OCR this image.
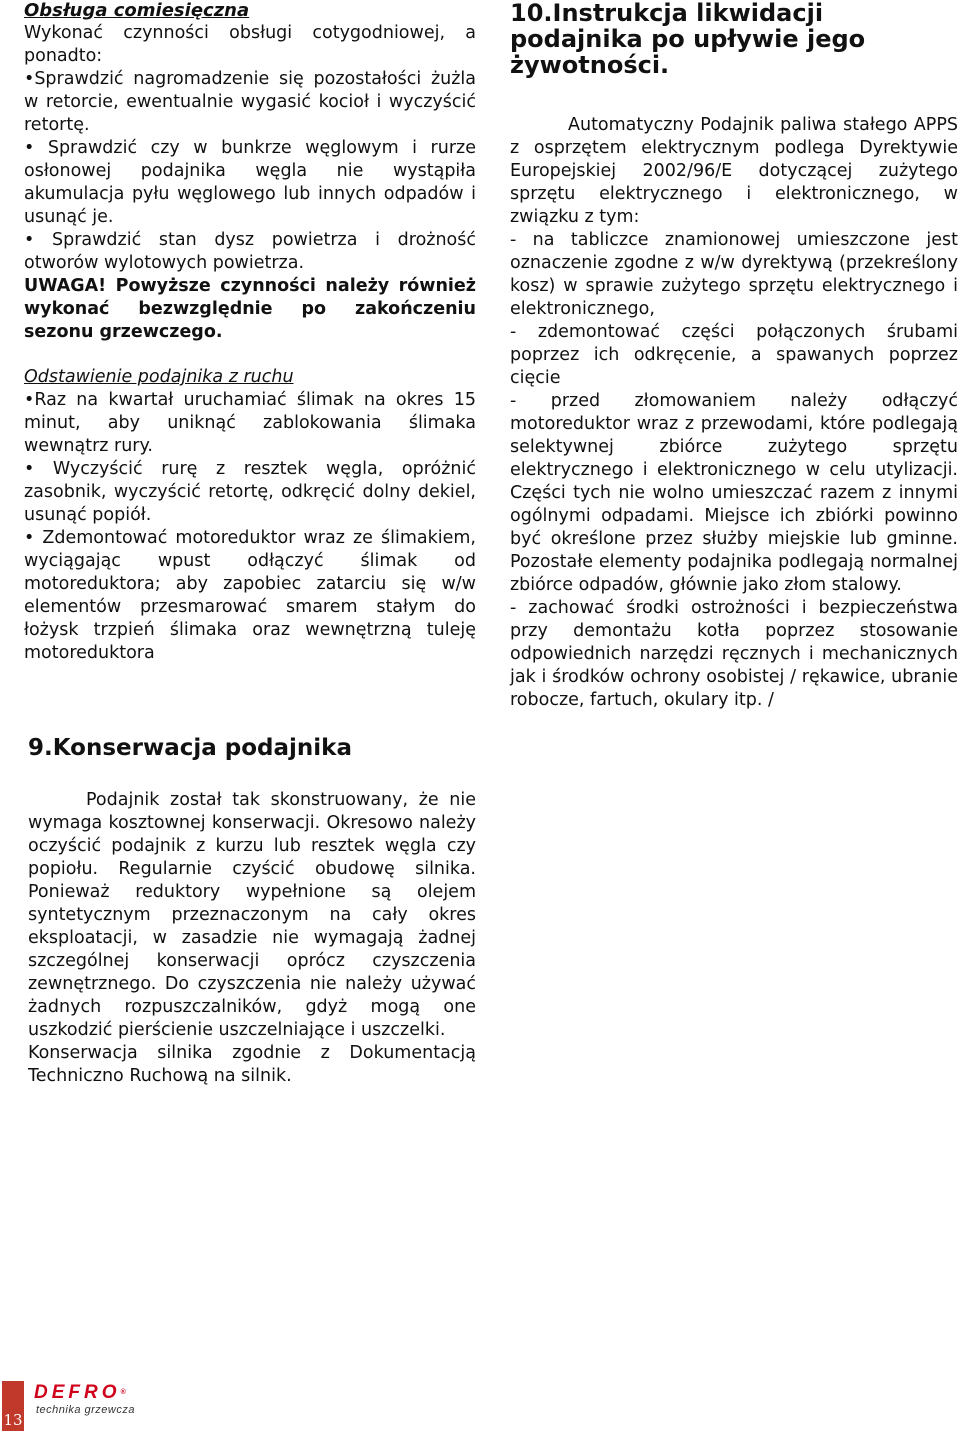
Obsługa comiesięczna

Wykonać czynności obsługi cotygodniowej, a ponadto:

•Sprawdzić nagromadzenie się pozostałości żużla w retorcie, ewentualnie wygasić kocioł i wyczyścić retortę.
• Sprawdzić czy w bunkrze węglowym i rurze osłonowej podajnika węgla nie wystąpiła akumulacja pyłu węglowego lub innych odpadów i usunąć je.
• Sprawdzić stan dysz powietrza i drożność otworów wylotowych powietrza.

UWAGA! Powyższe czynności należy również wykonać bezwzględnie po zakończeniu sezonu grzewczego.

Odstawienie podajnika z ruchu

•Raz na kwartał uruchamiać ślimak na okres 15 minut, aby uniknąć zablokowania ślimaka wewnątrz rury.
• Wyczyścić rurę z resztek węgla, opróżnić zasobnik, wyczyścić retortę, odkręcić dolny dekiel, usunąć popiół.
• Zdemontować motoreduktor wraz ze ślimakiem, wyciągając wpust odłączyć ślimak od motoreduktora; aby zapobiec zatarciu się w/w elementów przesmarować smarem stałym do łożysk trzpień ślimaka oraz wewnętrzną tuleję motoreduktora
10.Instrukcja likwidacji podajnika po upływie jego żywotności.

Automatyczny Podajnik paliwa stałego APPS z osprzętem elektrycznym podlega Dyrektywie Europejskiej 2002/96/E dotyczącej zużytego sprzętu elektrycznego i elektronicznego, w związku z tym:

- na tabliczce znamionowej umieszczone jest oznaczenie zgodne z w/w dyrektywą (przekreślony kosz) w sprawie zużytego sprzętu elektrycznego i elektronicznego,
- zdemontować części połączonych śrubami poprzez ich odkręcenie, a spawanych poprzez cięcie
- przed złomowaniem należy odłączyć motoreduktor wraz z przewodami, które podlegają selektywnej zbiórce zużytego sprzętu elektrycznego i elektronicznego w celu utylizacji. Części tych nie wolno umieszczać razem z innymi ogólnymi odpadami. Miejsce ich zbiórki powinno być określone przez służby miejskie lub gminne. Pozostałe elementy podajnika podlegają normalnej zbiórce odpadów, głównie jako złom stalowy.
- zachować środki ostrożności i bezpieczeństwa przy demontażu kotła poprzez stosowanie odpowiednich narzędzi ręcznych i mechanicznych jak i środków ochrony osobistej / rękawice, ubranie robocze, fartuch, okulary itp. /
9.Konserwacja podajnika

Podajnik został tak skonstruowany, że nie wymaga kosztownej konserwacji. Okresowo należy oczyścić podajnik z kurzu lub resztek węgla czy popiołu. Regularnie czyścić obudowę silnika. Ponieważ reduktory wypełnione są olejem syntetycznym przeznaczonym na cały okres eksploatacji, w zasadzie nie wymagają żadnej szczególnej konserwacji oprócz czyszczenia zewnętrznego. Do czyszczenia nie należy używać żadnych rozpuszczalników, gdyż mogą one uszkodzić pierścienie uszczelniające i uszczelki.

Konserwacja silnika zgodnie z Dokumentacją Techniczno Ruchową na silnik.

13
DEFRO®
technika grzewcza
